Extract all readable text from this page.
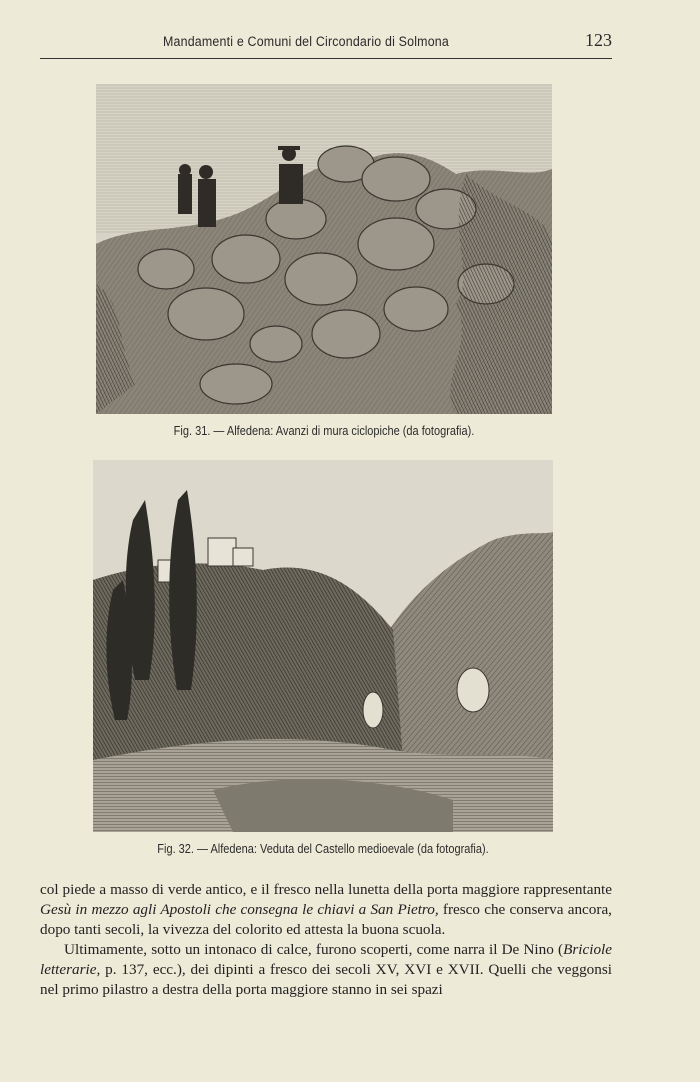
Mandamenti e Comuni del Circondario di Solmona	123
Fig. 31. — Alfedena: Avanzi di mura ciclopiche (da fotografia).
Fig. 32. — Alfedena: Veduta del Castello medioevale (da fotografia).

col piede a masso di verde antico, e il fresco nella lunetta della porta maggiore rappresentante Gesù in mezzo agli Apostoli che consegna le chiavi a San Pietro, fresco che conserva ancora, dopo tanti secoli, la vivezza del colorito ed attesta la buona scuola.

Ultimamente, sotto un intonaco di calce, furono scoperti, come narra il De Nino (Briciole letterarie, p. 137, ecc.), dei dipinti a fresco dei secoli XV, XVI e XVII. Quelli che veggonsi nel primo pilastro a destra della porta maggiore stanno in sei spazi
